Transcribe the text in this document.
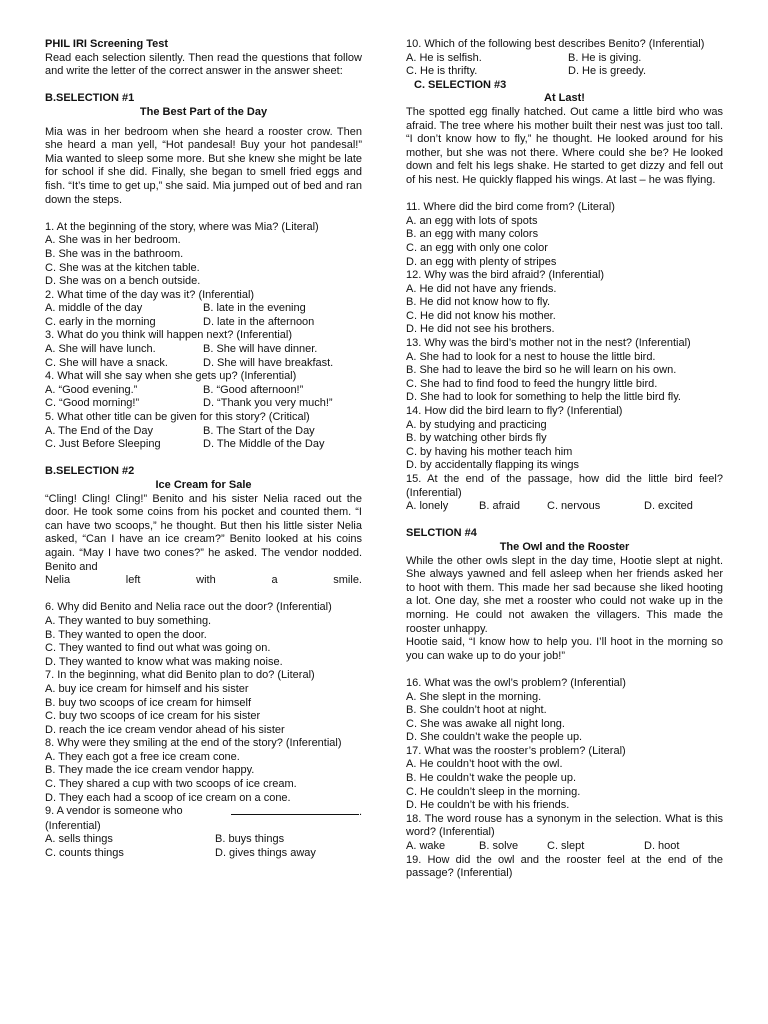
PHIL IRI Screening Test
Read each selection silently. Then read the questions that follow and write the letter of the correct answer in the answer sheet:
B.SELECTION #1
The Best Part of the Day
Mia was in her bedroom when she heard a rooster crow. Then she heard a man yell, “Hot pandesal! Buy your hot pandesal!” Mia wanted to sleep some more. But she knew she might be late for school if she did. Finally, she began to smell fried eggs and fish. “It’s time to get up,” she said. Mia jumped out of bed and ran down the steps.
1. At the beginning of the story, where was Mia? (Literal)
A. She was in her bedroom.
B. She was in the bathroom.
C. She was at the kitchen table.
D. She was on a bench outside.
2. What time of the day was it? (Inferential)
A. middle of the day	B. late in the evening
C. early in the morning	D. late in the afternoon
3. What do you think will happen next? (Inferential)
A. She will have lunch.	B. She will have dinner.
C. She will have a snack.	D. She will have breakfast.
4. What will she say when she gets up? (Inferential)
A. “Good evening.”	B. “Good afternoon!”
C. “Good morning!”	D. “Thank you very much!”
5. What other title can be given for this story? (Critical)
A. The End of the Day	B. The Start of the Day
C. Just Before Sleeping	D. The Middle of the Day
B.SELECTION #2
Ice Cream for Sale
“Cling! Cling! Cling!” Benito and his sister Nelia raced out the door. He took some coins from his pocket and counted them. “I can have two scoops,” he thought. But then his little sister Nelia asked, “Can I have an ice cream?” Benito looked at his coins again. “May I have two cones?” he asked. The vendor nodded. Benito and
Nelia	left	with	a	smile.
6. Why did Benito and Nelia race out the door? (Inferential)
A. They wanted to buy something.
B. They wanted to open the door.
C. They wanted to find out what was going on.
D. They wanted to know what was making noise.
7. In the beginning, what did Benito plan to do? (Literal)
A. buy ice cream for himself and his sister
B. buy two scoops of ice cream for himself
C. buy two scoops of ice cream for his sister
D. reach the ice cream vendor ahead of his sister
8. Why were they smiling at the end of the story? (Inferential)
A. They each got a free ice cream cone.
B. They made the ice cream vendor happy.
C. They shared a cup with two scoops of ice cream.
D. They each had a scoop of ice cream on a cone.
9. A vendor is someone who	.
(Inferential)
A. sells things	B. buys things
C. counts things	D. gives things away
10. Which of the following best describes Benito? (Inferential)
A. He is selfish.	B. He is giving.
C. He is thrifty.	D. He is greedy.
C. SELECTION #3
At Last!
The spotted egg finally hatched. Out came a little bird who was afraid. The tree where his mother built their nest was just too tall. “I don’t know how to fly,” he thought. He looked around for his mother, but she was not there. Where could she be? He looked down and felt his legs shake. He started to get dizzy and fell out of his nest. He quickly flapped his wings. At last – he was flying.
11. Where did the bird come from? (Literal)
A. an egg with lots of spots
B. an egg with many colors
C. an egg with only one color
D. an egg with plenty of stripes
12. Why was the bird afraid? (Inferential)
A. He did not have any friends.
B. He did not know how to fly.
C. He did not know his mother.
D. He did not see his brothers.
13. Why was the bird’s mother not in the nest? (Inferential)
A. She had to look for a nest to house the little bird.
B. She had to leave the bird so he will learn on his own.
C. She had to find food to feed the hungry little bird.
D. She had to look for something to help the little bird fly.
14. How did the bird learn to fly? (Inferential)
A. by studying and practicing
B. by watching other birds fly
C. by having his mother teach him
D. by accidentally flapping its wings
15. At the end of the passage, how did the little bird feel? (Inferential)
A. lonely	B. afraid	C. nervous	D. excited
SELCTION #4
The Owl and the Rooster
While the other owls slept in the day time, Hootie slept at night. She always yawned and fell asleep when her friends asked her to hoot with them. This made her sad because she liked hooting a lot. One day, she met a rooster who could not wake up in the morning. He could not awaken the villagers. This made the rooster unhappy.
Hootie said, “I know how to help you. I’ll hoot in the morning so you can wake up to do your job!”
16. What was the owl’s problem? (Inferential)
A. She slept in the morning.
B. She couldn’t hoot at night.
C. She was awake all night long.
D. She couldn’t wake the people up.
17. What was the rooster’s problem? (Literal)
A. He couldn’t hoot with the owl.
B. He couldn’t wake the people up.
C. He couldn’t sleep in the morning.
D. He couldn’t be with his friends.
18. The word rouse has a synonym in the selection. What is this word? (Inferential)
A. wake	B. solve	C. slept	D. hoot
19. How did the owl and the rooster feel at the end of the passage? (Inferential)
